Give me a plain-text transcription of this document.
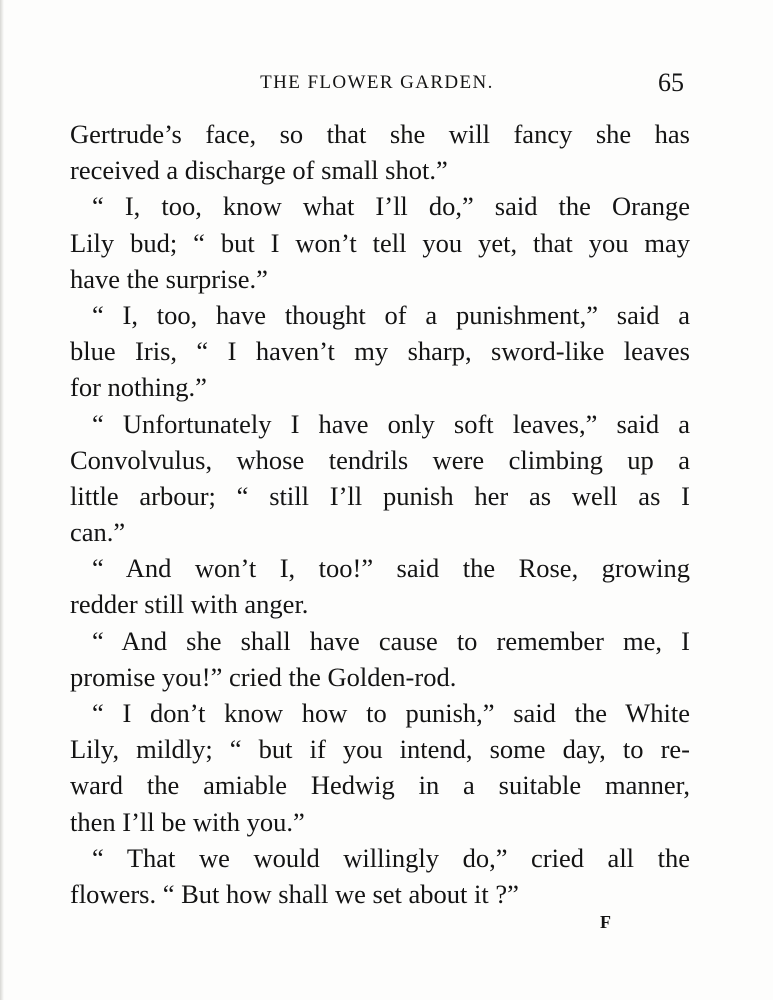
THE FLOWER GARDEN.	65
Gertrude’s face, so that she will fancy she has
received a discharge of small shot.”
“ I, too, know what I’ll do,” said the Orange
Lily bud; “ but I won’t tell you yet, that you may
have the surprise.”
“ I, too, have thought of a punishment,” said a
blue Iris, “ I haven’t my sharp, sword-like leaves
for nothing.”
“ Unfortunately I have only soft leaves,” said a
Convolvulus, whose tendrils were climbing up a
little arbour; “ still I’ll punish her as well as I
can.”
“ And won’t I, too!” said the Rose, growing
redder still with anger.
“ And she shall have cause to remember me, I
promise you!” cried the Golden-rod.
“ I don’t know how to punish,” said the White
Lily, mildly; “ but if you intend, some day, to re-
ward the amiable Hedwig in a suitable manner,
then I’ll be with you.”
“ That we would willingly do,” cried all the
flowers. “ But how shall we set about it ?”
F
